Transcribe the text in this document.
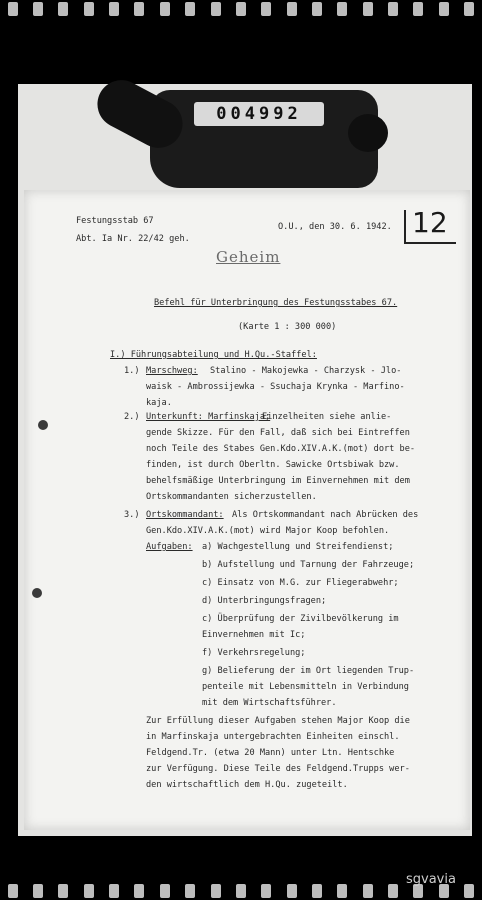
004992
Festungsstab 67
Abt. Ia Nr. 22/42 geh.
O.U., den 30. 6. 1942. 12
Geheim
Befehl für Unterbringung des Festungsstabes 67.
(Karte 1 : 300 000)
I.) Führungsabteilung und H.Qu.-Staffel:
1.) Marschweg: Stalino - Makojewka - Charzysk - Jlo-
waisk - Ambrossijewka - Ssuchaja Krynka - Marfino-
kaja.
2.) Unterkunft: Marfinskaja;
Einzelheiten siehe anlie-
gende Skizze. Für den Fall, daß sich bei Eintreffen
noch Teile des Stabes Gen.Kdo.XIV.A.K.(mot) dort be-
finden, ist durch Oberltn. Sawicke Ortsbiwak bzw.
behelfsmäßige Unterbringung im Einvernehmen mit dem
Ortskommandanten sicherzustellen.
3.) Ortskommandant: Als Ortskommandant nach Abrücken des
Gen.Kdo.XIV.A.K.(mot) wird Major Koop befohlen.
Aufgaben: a) Wachgestellung und Streifendienst;
b) Aufstellung und Tarnung der Fahrzeuge;
c) Einsatz von M.G. zur Fliegerabwehr;
d) Unterbringungsfragen;
c) Überprüfung der Zivilbevölkerung im
Einvernehmen mit Ic;
f) Verkehrsregelung;
g) Belieferung der im Ort liegenden Trup-
penteile mit Lebensmitteln in Verbindung
mit dem Wirtschaftsführer.
Zur Erfüllung dieser Aufgaben stehen Major Koop die
in Marfinskaja untergebrachten Einheiten einschl.
Feldgend.Tr. (etwa 20 Mann) unter Ltn. Hentschke
zur Verfügung. Diese Teile des Feldgend.Trupps wer-
den wirtschaftlich dem H.Qu. zugeteilt.
sgvavia
